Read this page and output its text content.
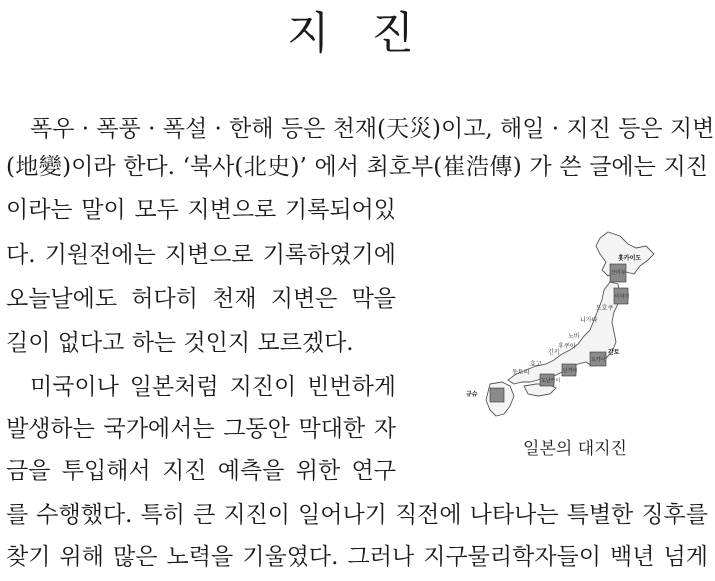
지 진
폭우 · 폭풍 · 폭설 · 한해 등은 천재(天災)이고, 해일 · 지진 등은 지변
(地變)이라 한다. ‘북사(北史)’ 에서 최호부(崔浩傳) 가 쓴 글에는 지진
이라는 말이 모두 지변으로 기록되어있
다. 기원전에는 지변으로 기록하였기에
오늘날에도 허다히 천재 지변은 막을
길이 없다고 하는 것인지 모르겠다.
미국이나 일본처럼 지진이 빈번하게
발생하는 국가에서는 그동안 막대한 자
금을 투입해서 지진 예측을 위한 연구
를 수행했다. 특히 큰 지진이 일어나기 직전에 나타나는 특별한 징후를
찾기 위해 많은 노력을 기울였다. 그러나 지구물리학자들이 백년 넘게
홋카이도
간토
규슈
산리쿠
미야기
도카이
난카이
도난카이
니가타
노비
긴키
효고
돗토리
후쿠이
도호쿠
일본의 대지진
